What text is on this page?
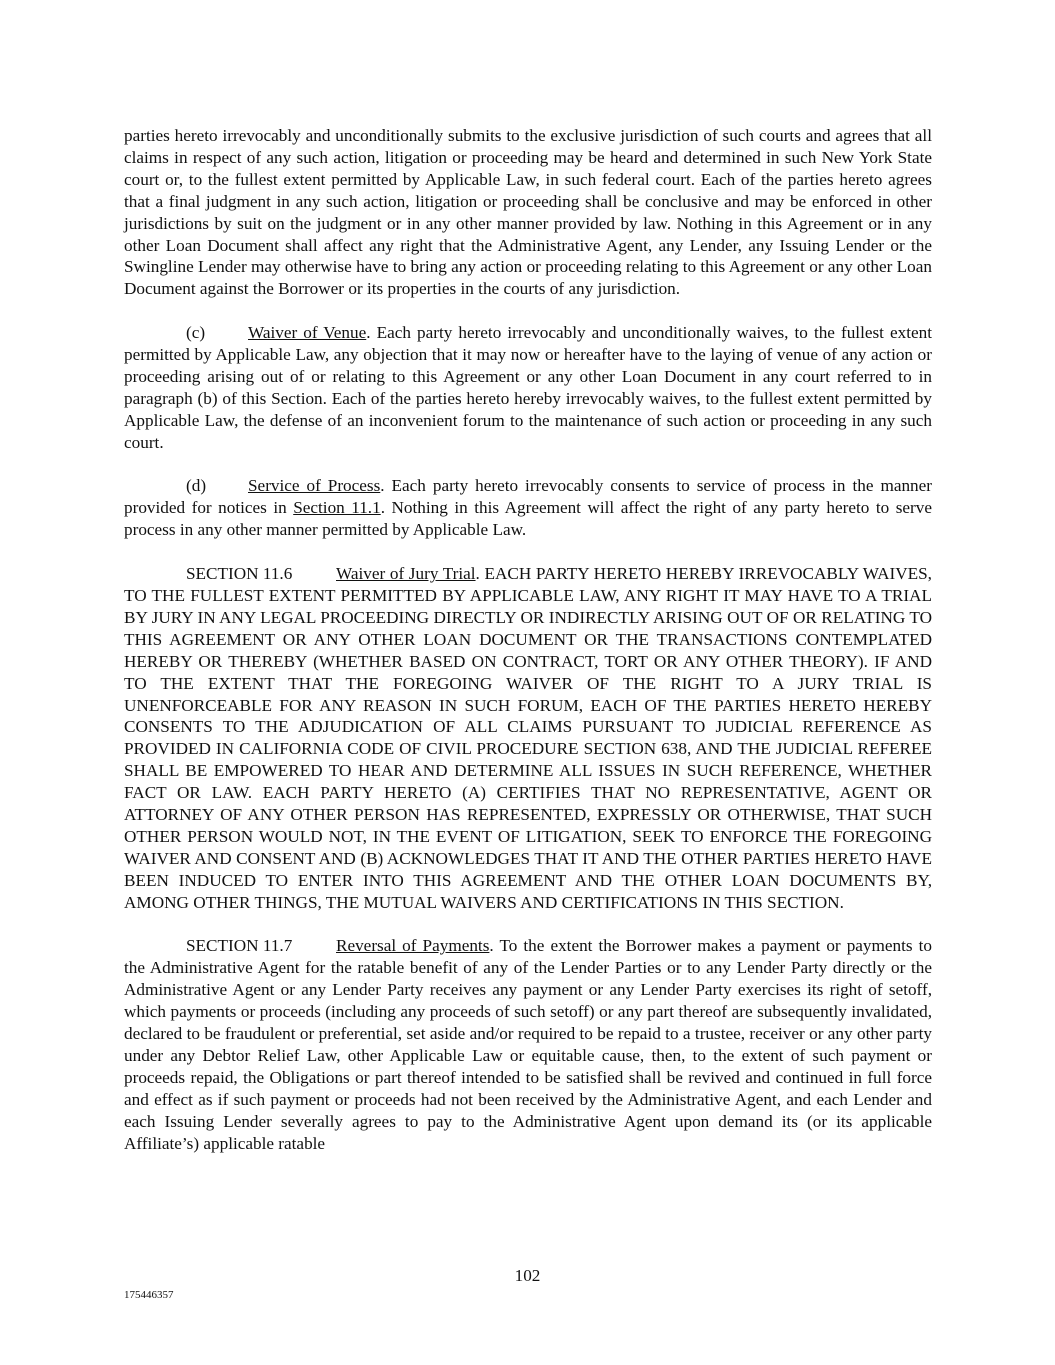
parties hereto irrevocably and unconditionally submits to the exclusive jurisdiction of such courts and agrees that all claims in respect of any such action, litigation or proceeding may be heard and determined in such New York State court or, to the fullest extent permitted by Applicable Law, in such federal court. Each of the parties hereto agrees that a final judgment in any such action, litigation or proceeding shall be conclusive and may be enforced in other jurisdictions by suit on the judgment or in any other manner provided by law. Nothing in this Agreement or in any other Loan Document shall affect any right that the Administrative Agent, any Lender, any Issuing Lender or the Swingline Lender may otherwise have to bring any action or proceeding relating to this Agreement or any other Loan Document against the Borrower or its properties in the courts of any jurisdiction.

(c) Waiver of Venue. Each party hereto irrevocably and unconditionally waives, to the fullest extent permitted by Applicable Law, any objection that it may now or hereafter have to the laying of venue of any action or proceeding arising out of or relating to this Agreement or any other Loan Document in any court referred to in paragraph (b) of this Section. Each of the parties hereto hereby irrevocably waives, to the fullest extent permitted by Applicable Law, the defense of an inconvenient forum to the maintenance of such action or proceeding in any such court.

(d) Service of Process. Each party hereto irrevocably consents to service of process in the manner provided for notices in Section 11.1. Nothing in this Agreement will affect the right of any party hereto to serve process in any other manner permitted by Applicable Law.

SECTION 11.6	Waiver of Jury Trial. EACH PARTY HERETO HEREBY IRREVOCABLY WAIVES, TO THE FULLEST EXTENT PERMITTED BY APPLICABLE LAW, ANY RIGHT IT MAY HAVE TO A TRIAL BY JURY IN ANY LEGAL PROCEEDING DIRECTLY OR INDIRECTLY ARISING OUT OF OR RELATING TO THIS AGREEMENT OR ANY OTHER LOAN DOCUMENT OR THE TRANSACTIONS CONTEMPLATED HEREBY OR THEREBY (WHETHER BASED ON CONTRACT, TORT OR ANY OTHER THEORY). IF AND TO THE EXTENT THAT THE FOREGOING WAIVER OF THE RIGHT TO A JURY TRIAL IS UNENFORCEABLE FOR ANY REASON IN SUCH FORUM, EACH OF THE PARTIES HERETO HEREBY CONSENTS TO THE ADJUDICATION OF ALL CLAIMS PURSUANT TO JUDICIAL REFERENCE AS PROVIDED IN CALIFORNIA CODE OF CIVIL PROCEDURE SECTION 638, AND THE JUDICIAL REFEREE SHALL BE EMPOWERED TO HEAR AND DETERMINE ALL ISSUES IN SUCH REFERENCE, WHETHER FACT OR LAW. EACH PARTY HERETO (A) CERTIFIES THAT NO REPRESENTATIVE, AGENT OR ATTORNEY OF ANY OTHER PERSON HAS REPRESENTED, EXPRESSLY OR OTHERWISE, THAT SUCH OTHER PERSON WOULD NOT, IN THE EVENT OF LITIGATION, SEEK TO ENFORCE THE FOREGOING WAIVER AND CONSENT AND (B) ACKNOWLEDGES THAT IT AND THE OTHER PARTIES HERETO HAVE BEEN INDUCED TO ENTER INTO THIS AGREEMENT AND THE OTHER LOAN DOCUMENTS BY, AMONG OTHER THINGS, THE MUTUAL WAIVERS AND CERTIFICATIONS IN THIS SECTION.

SECTION 11.7	Reversal of Payments. To the extent the Borrower makes a payment or payments to the Administrative Agent for the ratable benefit of any of the Lender Parties or to any Lender Party directly or the Administrative Agent or any Lender Party receives any payment or any Lender Party exercises its right of setoff, which payments or proceeds (including any proceeds of such setoff) or any part thereof are subsequently invalidated, declared to be fraudulent or preferential, set aside and/or required to be repaid to a trustee, receiver or any other party under any Debtor Relief Law, other Applicable Law or equitable cause, then, to the extent of such payment or proceeds repaid, the Obligations or part thereof intended to be satisfied shall be revived and continued in full force and effect as if such payment or proceeds had not been received by the Administrative Agent, and each Lender and each Issuing Lender severally agrees to pay to the Administrative Agent upon demand its (or its applicable Affiliate’s) applicable ratable

102
175446357
